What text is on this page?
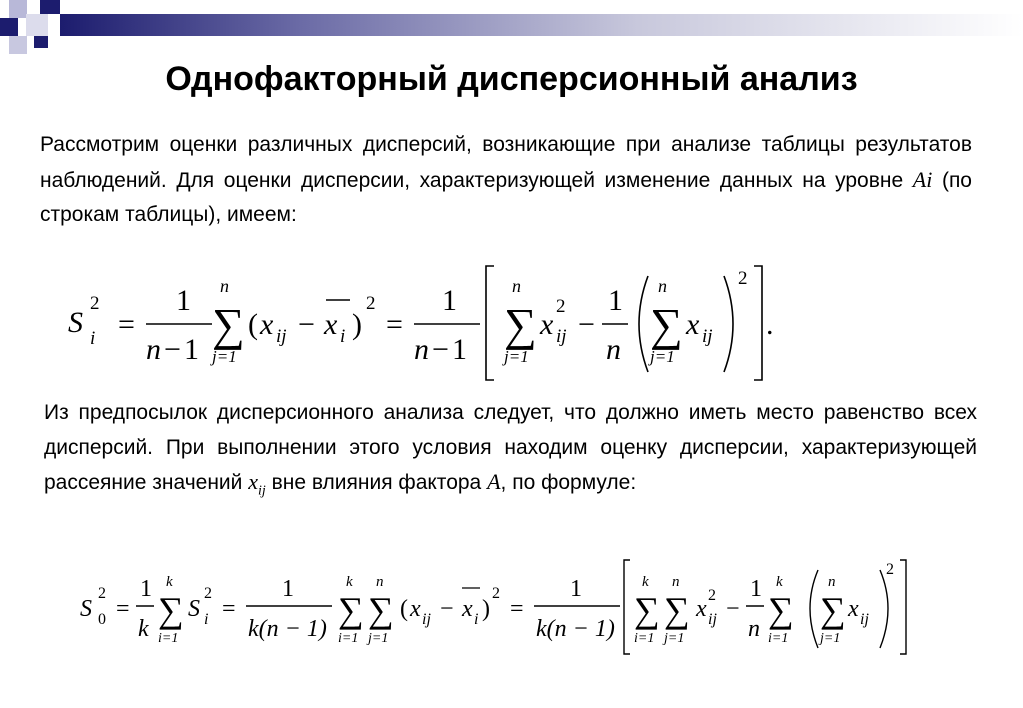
Однофакторный дисперсионный анализ
Рассмотрим оценки различных дисперсий, возникающие при анализе таблицы результатов наблюдений. Для оценки дисперсии, характеризующей изменение данных на уровне Ai (по строкам таблицы), имеем:
S
2
i =
1
n − 1
n
∑
j=1
( x ij − x i )
2
=
1
n − 1
n
∑
j=1
x
2
ij −
1
n
n
∑
j=1
x ij
2
.
Из предпосылок дисперсионного анализа следует, что должно иметь место равенство всех дисперсий. При выполнении этого условия находим оценку дисперсии, характеризующей рассеяние значений $x_{ij}$ вне влияния фактора A, по формуле:
S
2
0 =
1
k
k
∑
i=1
S
2
i =
1
k(n − 1)
k
∑
i=1
n
∑
j=1
( x ij − x i )
2
=
1
k(n − 1)
k
∑
i=1
n
∑
j=1
x
2
ij −
1
n
k
∑
i=1
n
∑
j=1
x ij
2
